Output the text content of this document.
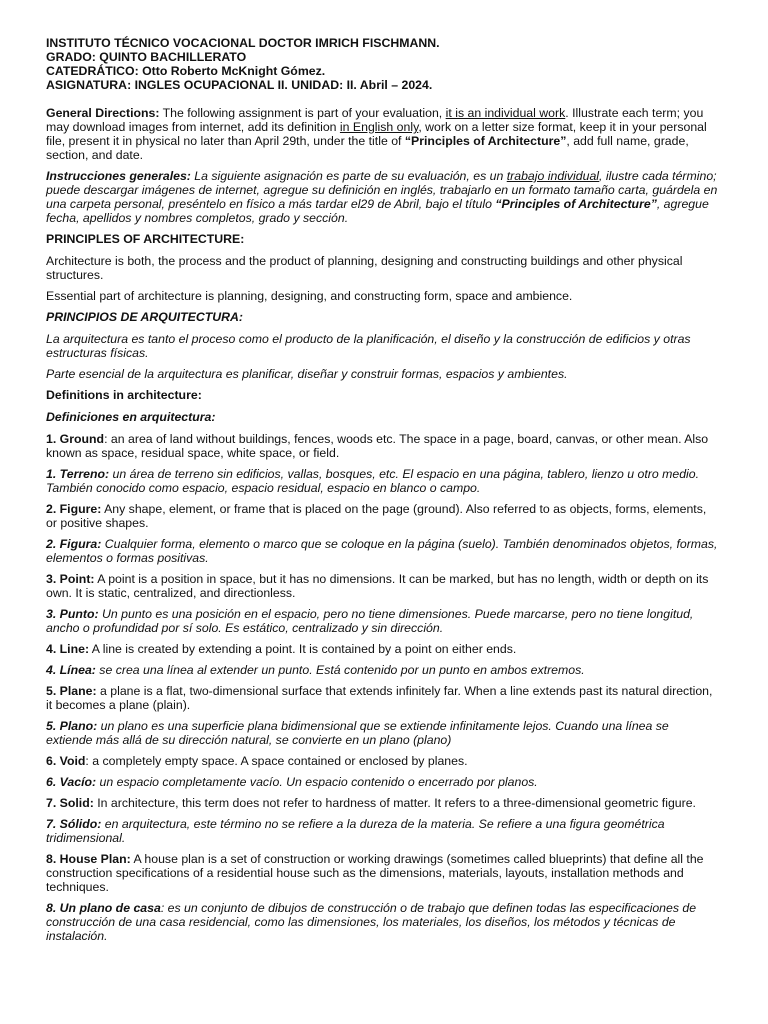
INSTITUTO TÉCNICO VOCACIONAL DOCTOR IMRICH FISCHMANN.

GRADO: QUINTO BACHILLERATO

CATEDRÁTICO: Otto Roberto McKnight Gómez.

ASIGNATURA: INGLES OCUPACIONAL II. UNIDAD: II. Abril – 2024.

General Directions: The following assignment is part of your evaluation, it is an individual work. Illustrate each term; you may download images from internet, add its definition in English only, work on a letter size format, keep it in your personal file, present it in physical no later than April 29th, under the title of “Principles of Architecture”, add full name, grade, section, and date.

Instrucciones generales: La siguiente asignación es parte de su evaluación, es un trabajo individual, ilustre cada término; puede descargar imágenes de internet, agregue su definición en inglés, trabajarlo en un formato tamaño carta, guárdela en una carpeta personal, preséntelo en físico a más tardar el29 de Abril, bajo el título “Principles of Architecture”, agregue fecha, apellidos y nombres completos, grado y sección.

PRINCIPLES OF ARCHITECTURE:

Architecture is both, the process and the product of planning, designing and constructing buildings and other physical structures.

Essential part of architecture is planning, designing, and constructing form, space and ambience.

PRINCIPIOS DE ARQUITECTURA:

La arquitectura es tanto el proceso como el producto de la planificación, el diseño y la construcción de edificios y otras estructuras físicas.

Parte esencial de la arquitectura es planificar, diseñar y construir formas, espacios y ambientes.

Definitions in architecture:

Definiciones en arquitectura:

1. Ground: an area of land without buildings, fences, woods etc. The space in a page, board, canvas, or other mean. Also known as space, residual space, white space, or field.

1. Terreno: un área de terreno sin edificios, vallas, bosques, etc. El espacio en una página, tablero, lienzo u otro medio. También conocido como espacio, espacio residual, espacio en blanco o campo.

2. Figure: Any shape, element, or frame that is placed on the page (ground). Also referred to as objects, forms, elements, or positive shapes.

2. Figura: Cualquier forma, elemento o marco que se coloque en la página (suelo). También denominados objetos, formas, elementos o formas positivas.

3. Point: A point is a position in space, but it has no dimensions. It can be marked, but has no length, width or depth on its own. It is static, centralized, and directionless.

3. Punto: Un punto es una posición en el espacio, pero no tiene dimensiones. Puede marcarse, pero no tiene longitud, ancho o profundidad por sí solo. Es estático, centralizado y sin dirección.

4. Line: A line is created by extending a point. It is contained by a point on either ends.

4. Línea: se crea una línea al extender un punto. Está contenido por un punto en ambos extremos.

5. Plane: a plane is a flat, two-dimensional surface that extends infinitely far. When a line extends past its natural direction, it becomes a plane (plain).

5. Plano: un plano es una superficie plana bidimensional que se extiende infinitamente lejos. Cuando una línea se extiende más allá de su dirección natural, se convierte en un plano (plano)

6. Void: a completely empty space. A space contained or enclosed by planes.

6. Vacío: un espacio completamente vacío. Un espacio contenido o encerrado por planos.

7. Solid: In architecture, this term does not refer to hardness of matter. It refers to a three-dimensional geometric figure.

7. Sólido: en arquitectura, este término no se refiere a la dureza de la materia. Se refiere a una figura geométrica tridimensional.

8. House Plan: A house plan is a set of construction or working drawings (sometimes called blueprints) that define all the construction specifications of a residential house such as the dimensions, materials, layouts, installation methods and techniques.

8. Un plano de casa: es un conjunto de dibujos de construcción o de trabajo que definen todas las especificaciones de construcción de una casa residencial, como las dimensiones, los materiales, los diseños, los métodos y técnicas de instalación.
